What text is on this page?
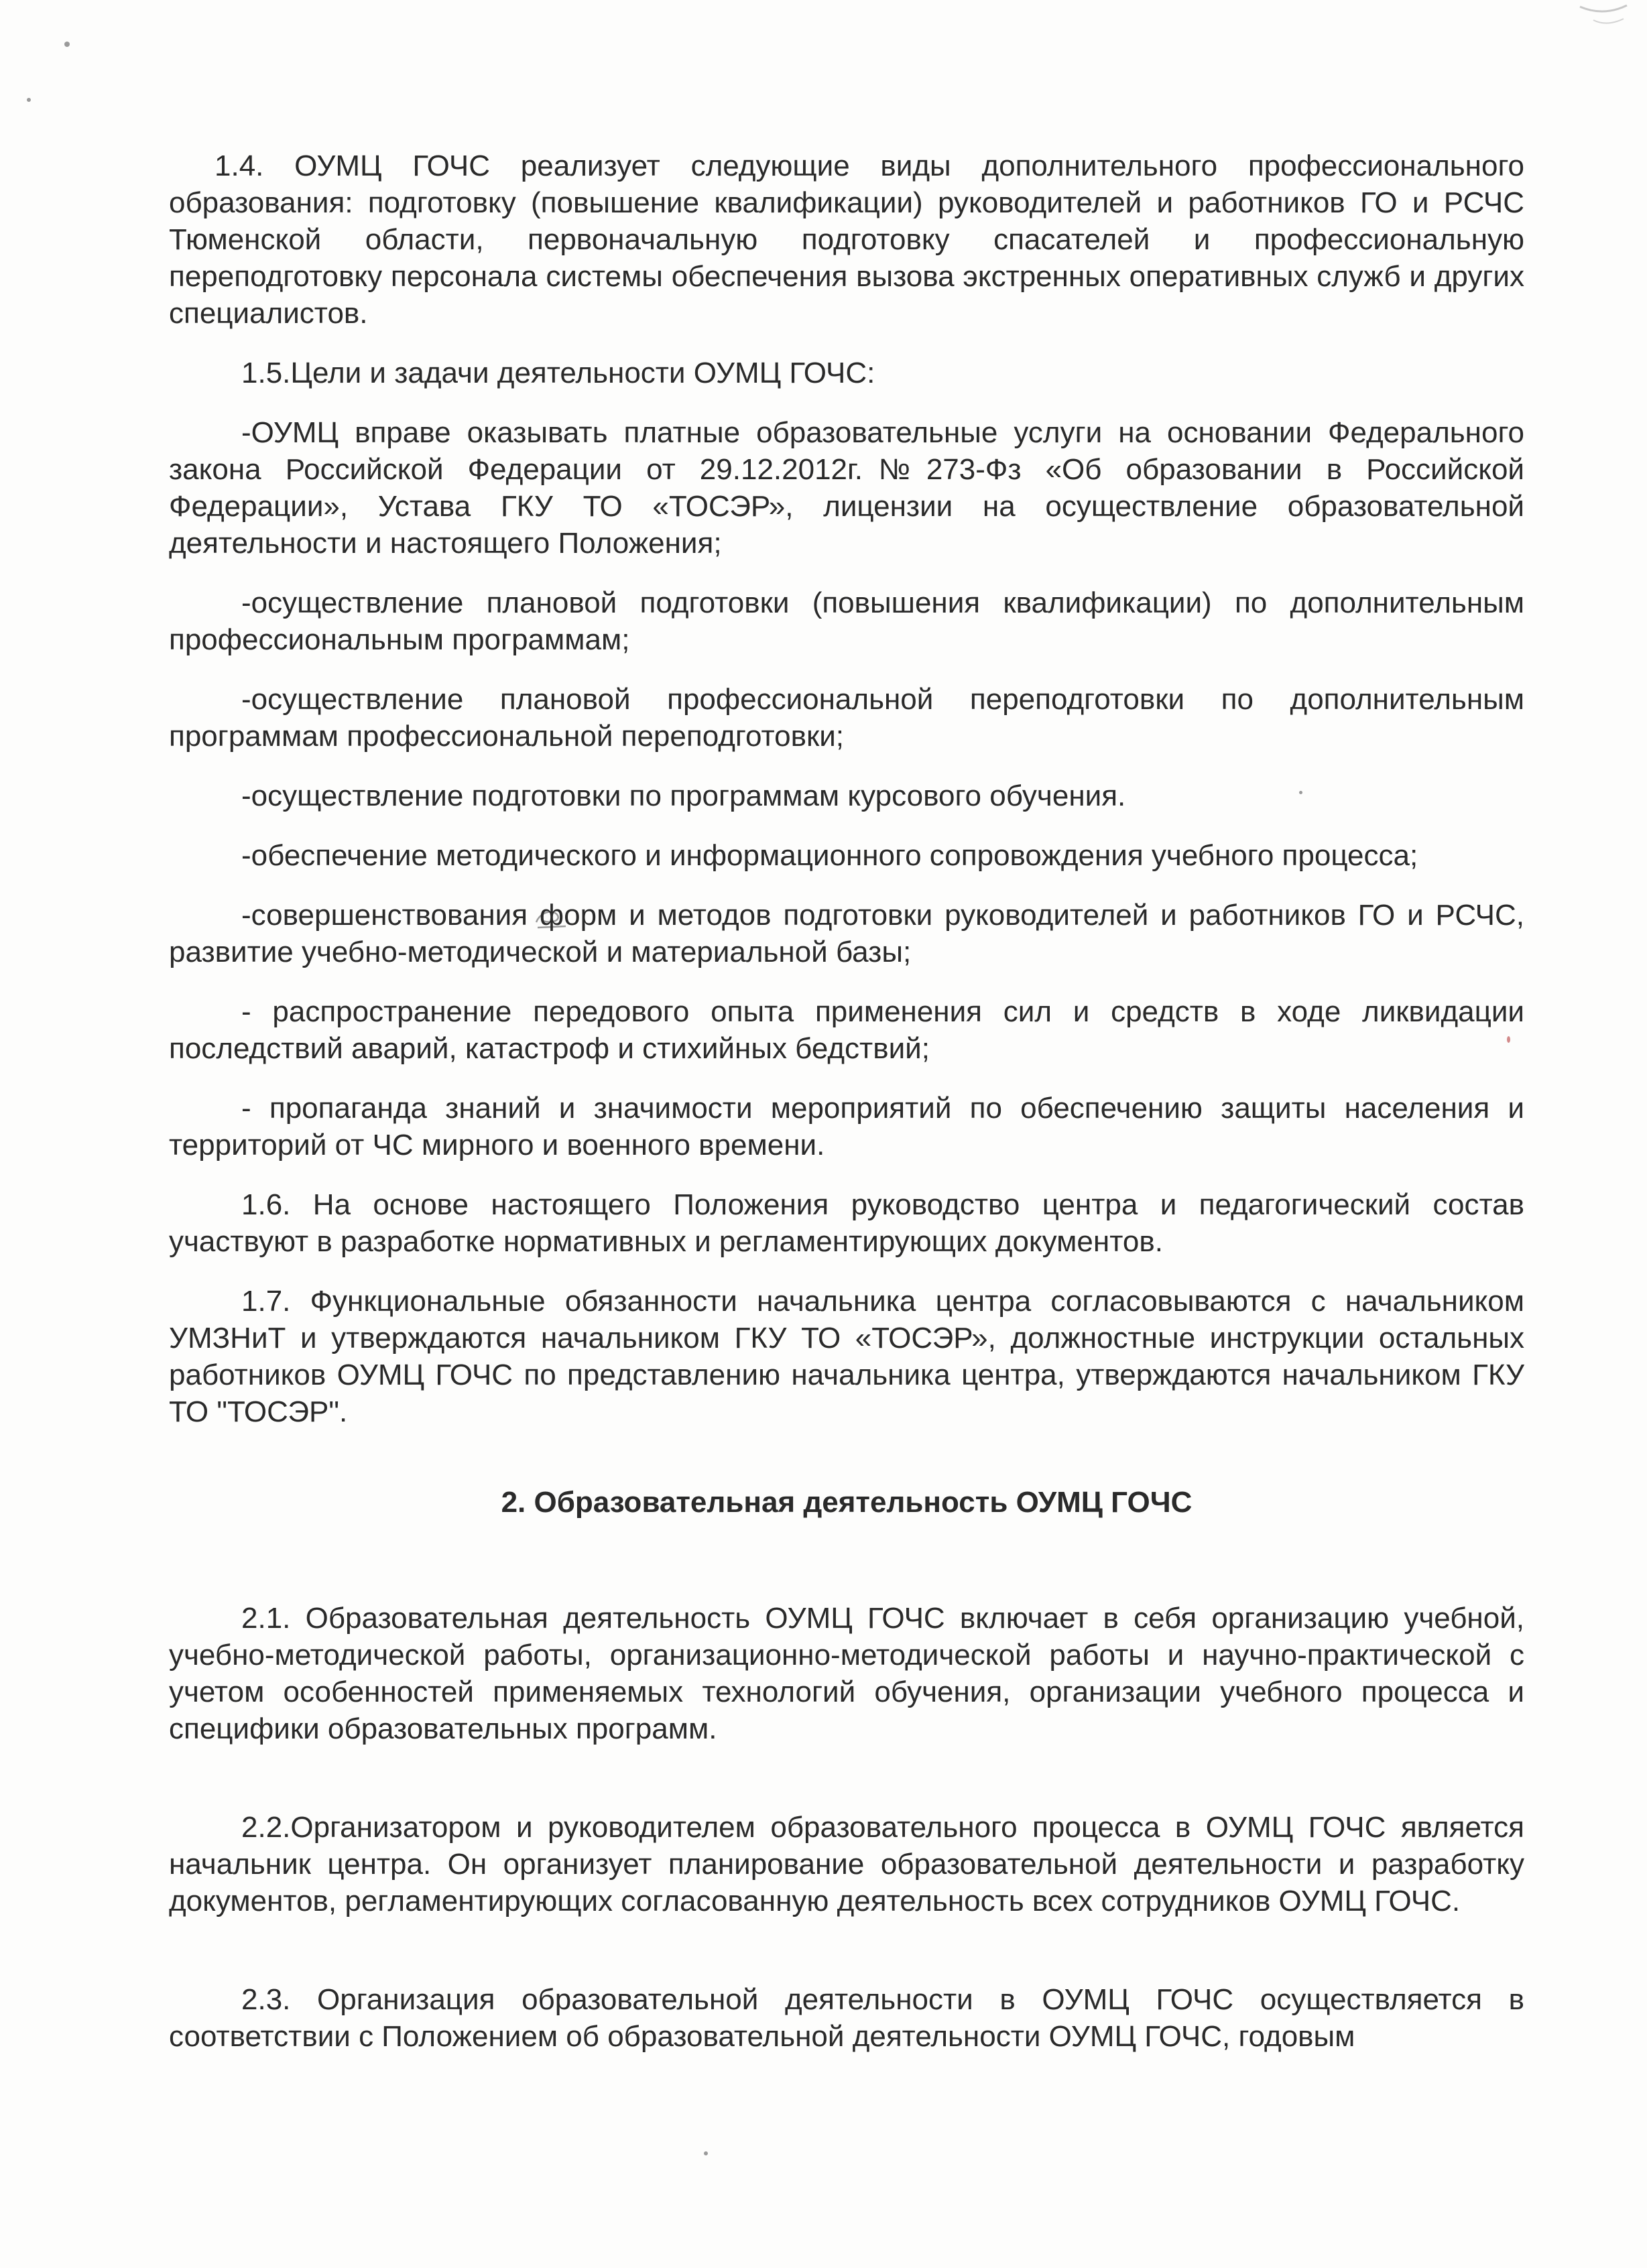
1.4. ОУМЦ ГОЧС реализует следующие виды дополнительного профессионального образования: подготовку (повышение квалификации) руководителей и работников ГО и РСЧС Тюменской области, первоначальную подготовку спасателей и профессиональную переподготовку персонала системы обеспечения вызова экстренных оперативных служб и других специалистов.

1.5.Цели и задачи деятельности ОУМЦ ГОЧС:

-ОУМЦ вправе оказывать платные образовательные услуги на основании Федерального закона Российской Федерации от 29.12.2012г.№273-Фз «Об образовании в Российской Федерации», Устава ГКУ ТО «ТОСЭР», лицензии на осуществление образовательной деятельности и настоящего Положения;

-осуществление плановой подготовки (повышения квалификации) по дополнительным профессиональным программам;

-осуществление плановой профессиональной переподготовки по дополнительным программам профессиональной переподготовки;

-осуществление подготовки по программам курсового обучения.

-обеспечение методического и информационного сопровождения учебного процесса;

-совершенствования форм и методов подготовки руководителей и работников ГО и РСЧС, развитие учебно-методической и материальной базы;

- распространение передового опыта применения сил и средств в ходе ликвидации последствий аварий, катастроф и стихийных бедствий;

- пропаганда знаний и значимости мероприятий по обеспечению защиты населения и территорий от ЧС мирного и военного времени.

1.6. На основе настоящего Положения руководство центра и педагогический состав участвуют в разработке нормативных и регламентирующих документов.

1.7. Функциональные обязанности начальника центра согласовываются с начальником УМЗНиТ и утверждаются начальником ГКУ ТО «ТОСЭР», должностные инструкции остальных работников ОУМЦ ГОЧС по представлению начальника центра, утверждаются начальником ГКУ ТО "ТОСЭР".

2. Образовательная деятельность ОУМЦ ГОЧС

2.1. Образовательная деятельность ОУМЦ ГОЧС включает в себя организацию учебной, учебно-методической работы, организационно-методической работы и научно-практической с учетом особенностей применяемых технологий обучения, организации учебного процесса и специфики образовательных программ.

2.2.Организатором и руководителем образовательного процесса в ОУМЦ ГОЧС является начальник центра. Он организует планирование образовательной деятельности и разработку документов, регламентирующих согласованную деятельность всех сотрудников ОУМЦ ГОЧС.

2.3. Организация образовательной деятельности в ОУМЦ ГОЧС осуществляется в соответствии с Положением об образовательной деятельности ОУМЦ ГОЧС, годовым
